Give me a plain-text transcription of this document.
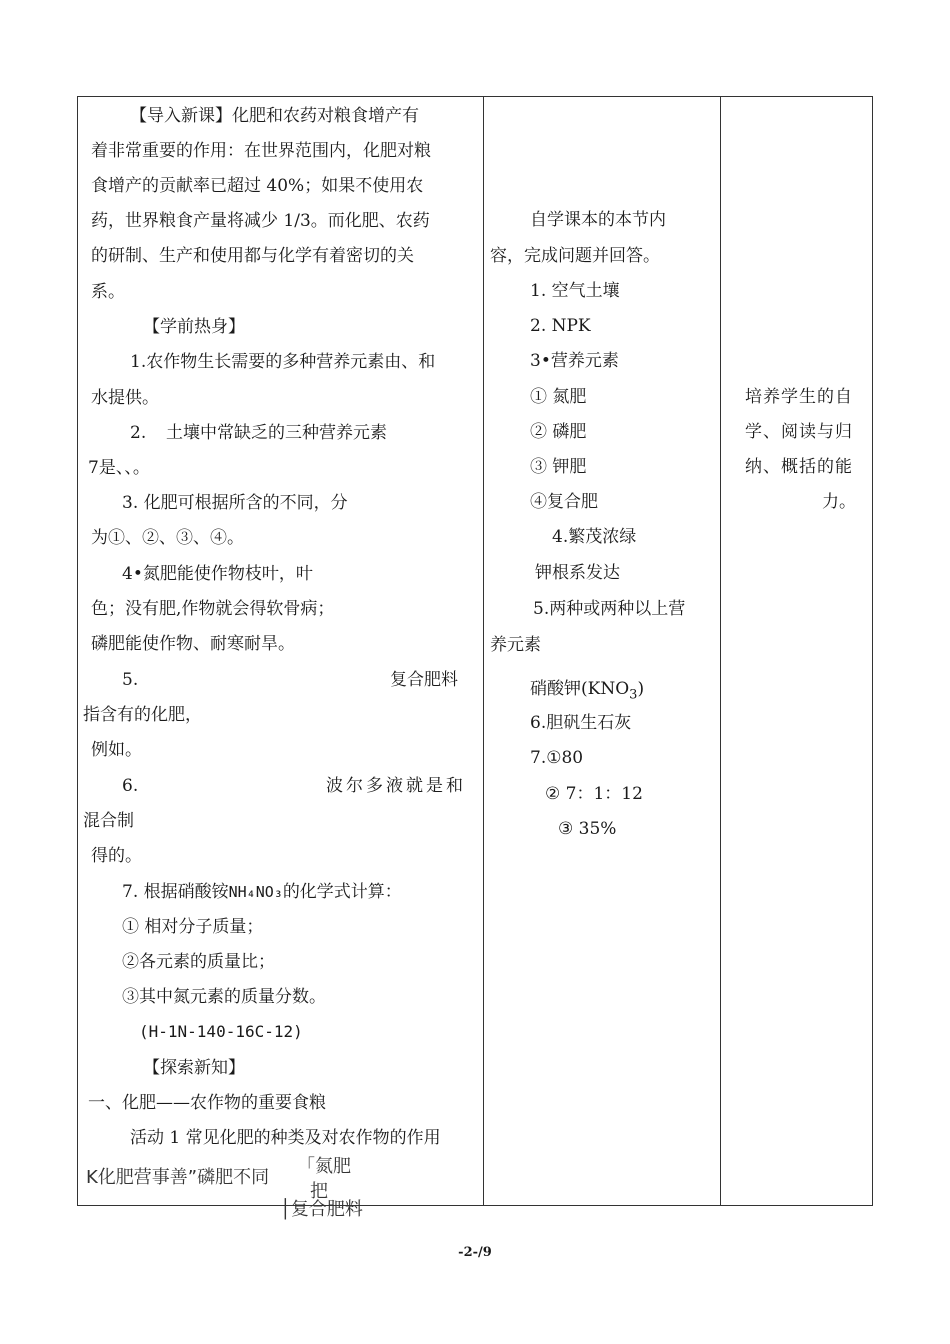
【导入新课】化肥和农药对粮食增产有
着非常重要的作用：在世界范围内，化肥对粮
食增产的贡献率已超过 40%；如果不使用农
药，世界粮食产量将减少 1/3。而化肥、农药
的研制、生产和使用都与化学有着密切的关
系。
【学前热身】
1.农作物生长需要的多种营养元素由、和
水提供。
2. 土壤中常缺乏的三种营养元素
7是、、。
3. 化肥可根据所含的不同，分
为①、②、③、④。
4•氮肥能使作物枝叶，叶
色；没有肥,作物就会得软骨病；
磷肥能使作物、耐寒耐旱。
5.	复合肥料
指含有的化肥，
例如。
6.	波尔多液就是和
混合制
得的。
7. 根据硝酸铵NH₄NO₃的化学式计算：
① 相对分子质量；
②各元素的质量比；
③其中氮元素的质量分数。
(H-1N-140-16C-12)
【探索新知】
一、化肥——农作物的重要食粮
活动 1 常见化肥的种类及对农作物的作用
K化肥营事善”磷肥不同
「氮肥
把
│复合肥料
自学课本的本节内
容，完成问题并回答。
1. 空气土壤
2. NPK
3•营养元素
① 氮肥
② 磷肥
③ 钾肥
④复合肥
4.繁茂浓绿
钾根系发达
5.两种或两种以上营
养元素
硝酸钾$(KNO_3)$
6.胆矾生石灰
7.①80
② 7：1：12
③ 35%
培养学生的自
学、阅读与归
纳、概括的能
力。
-2-/9
